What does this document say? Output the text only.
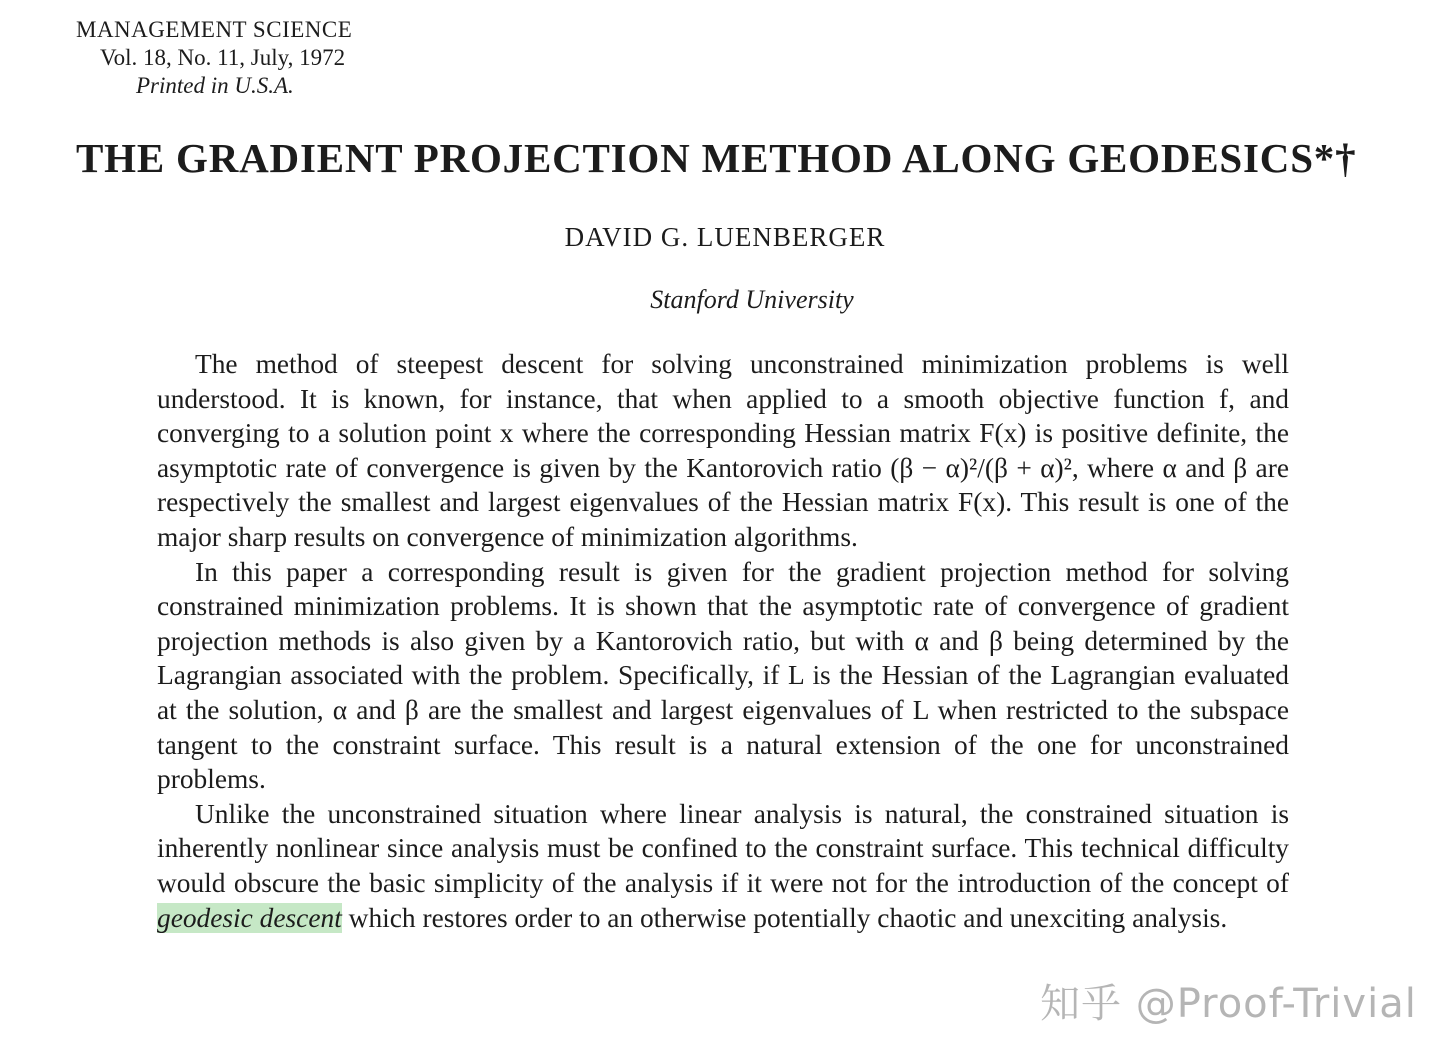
MANAGEMENT SCIENCE
Vol. 18, No. 11, July, 1972
Printed in U.S.A.
THE GRADIENT PROJECTION METHOD ALONG GEODESICS*†
DAVID G. LUENBERGER
Stanford University

The method of steepest descent for solving unconstrained minimization problems is well understood. It is known, for instance, that when applied to a smooth objective function f, and converging to a solution point x where the corresponding Hessian matrix F(x) is positive definite, the asymptotic rate of convergence is given by the Kantorovich ratio (β − α)²/(β + α)², where α and β are respectively the smallest and largest eigenvalues of the Hessian matrix F(x). This result is one of the major sharp results on convergence of minimization algorithms.

In this paper a corresponding result is given for the gradient projection method for solving constrained minimization problems. It is shown that the asymptotic rate of convergence of gradient projection methods is also given by a Kantorovich ratio, but with α and β being determined by the Lagrangian associated with the problem. Specifically, if L is the Hessian of the Lagrangian evaluated at the solution, α and β are the smallest and largest eigenvalues of L when restricted to the subspace tangent to the constraint surface. This result is a natural extension of the one for unconstrained problems.

Unlike the unconstrained situation where linear analysis is natural, the constrained situation is inherently nonlinear since analysis must be confined to the constraint surface. This technical difficulty would obscure the basic simplicity of the analysis if it were not for the introduction of the concept of geodesic descent which restores order to an otherwise potentially chaotic and unexciting analysis.

知乎 @Proof-Trivial
